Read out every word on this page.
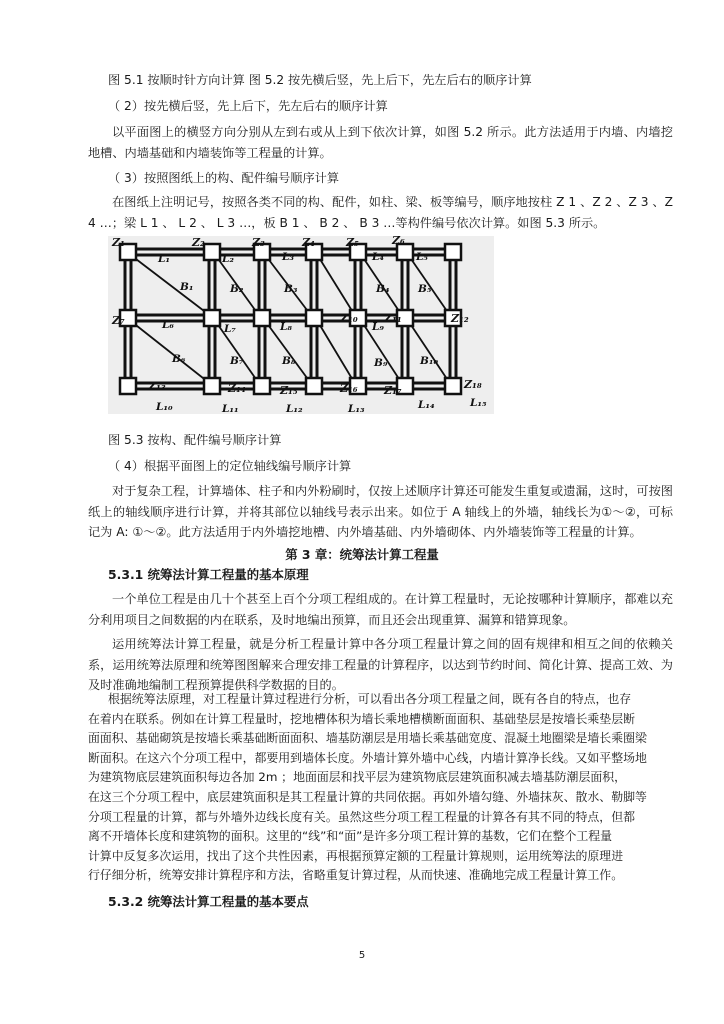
图 5.1 按顺时针方向计算 图 5.2 按先横后竖，先上后下，先左后右的顺序计算

（ 2）按先横后竖，先上后下，先左后右的顺序计算

以平面图上的横竖方向分别从左到右或从上到下依次计算，如图 5.2 所示。此方法适用于内墙、内墙挖地槽、内墙基础和内墙装饰等工程量的计算。

（ 3）按照图纸上的构、配件编号顺序计算

在图纸上注明记号，按照各类不同的构、配件，如柱、梁、板等编号，顺序地按柱 Z 1 、Z 2 、Z 3 、Z 4 …；梁 L 1 、 L 2 、 L 3 …，板 B 1 、 B 2 、 B 3 …等构件编号依次计算。如图 5.3 所示。

Z₁	Z₂	Z₃	Z₄	Z₅	Z₆
Z₇	Z₁₀ Z₁₁	Z₁₂
Z₁₃	Z₁₄	Z₁₅	Z₁₆ Z₁₇	Z₁₈
L₁	L₂	L₃	L₄	L₅
L₆	L₇	L₈	L₉
L₁₀	L₁₁	L₁₂	L₁₃	L₁₄	L₁₅
B₁	B₂	B₃	B₄	B₅
B₆	B₇	B₈	B₉	B₁₀

图 5.3 按构、配件编号顺序计算

（ 4）根据平面图上的定位轴线编号顺序计算

对于复杂工程，计算墙体、柱子和内外粉刷时，仅按上述顺序计算还可能发生重复或遗漏，这时，可按图纸上的轴线顺序进行计算，并将其部位以轴线号表示出来。如位于 A 轴线上的外墙，轴线长为①～②，可标记为 A: ①～②。此方法适用于内外墙挖地槽、内外墙基础、内外墙砌体、内外墙装饰等工程量的计算。

第 3 章：统筹法计算工程量

5.3.1 统筹法计算工程量的基本原理

一个单位工程是由几十个甚至上百个分项工程组成的。在计算工程量时，无论按哪种计算顺序，都难以充分利用项目之间数据的内在联系，及时地编出预算，而且还会出现重算、漏算和错算现象。

运用统筹法计算工程量，就是分析工程量计算中各分项工程量计算之间的固有规律和相互之间的依赖关系，运用统筹法原理和统筹图图解来合理安排工程量的计算程序，以达到节约时间、简化计算、提高工效、为及时准确地编制工程预算提供科学数据的目的。

根据统筹法原理，对工程量计算过程进行分析，可以看出各分项工程量之间，既有各自的特点，也存

在着内在联系。例如在计算工程量时，挖地槽体积为墙长乘地槽横断面面积、基础垫层是按墙长乘垫层断

面面积、基础砌筑是按墙长乘基础断面面积、墙基防潮层是用墙长乘基础宽度、混凝土地圈梁是墙长乘圈梁

断面积。在这六个分项工程中，都要用到墙体长度。外墙计算外墙中心线，内墙计算净长线。又如平整场地

为建筑物底层建筑面积每边各加 2m ；地面面层和找平层为建筑物底层建筑面积减去墙基防潮层面积，

在这三个分项工程中，底层建筑面积是其工程量计算的共同依据。再如外墙勾缝、外墙抹灰、散水、勒脚等

分项工程量的计算，都与外墙外边线长度有关。虽然这些分项工程工程量的计算各有其不同的特点，但都

离不开墙体长度和建筑物的面积。这里的“线”和“面”是许多分项工程计算的基数，它们在整个工程量

计算中反复多次运用，找出了这个共性因素，再根据预算定额的工程量计算规则，运用统筹法的原理进

行仔细分析，统筹安排计算程序和方法，省略重复计算过程，从而快速、准确地完成工程量计算工作。

5.3.2 统筹法计算工程量的基本要点

5
